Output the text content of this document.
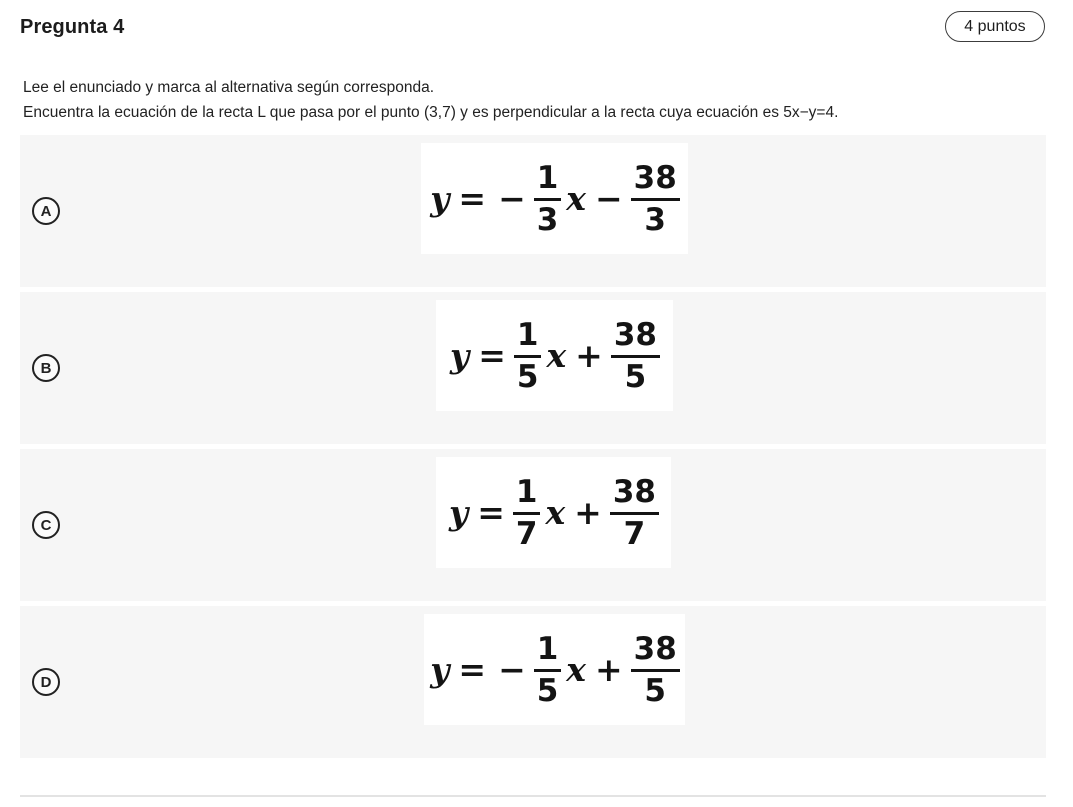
Pregunta 4	4 puntos

Lee el enunciado y marca al alternativa según corresponda.

Encuentra la ecuación de la recta L que pasa por el punto (3,7) y es perpendicular a la recta cuya ecuación es 5x−y=4.

A	y = − $\frac{1}{3}$ $x - \frac{38}{3}$
B	$y = \frac{1}{5}$ $x + \frac{38}{5}$
C	$y = \frac{1}{7}$ $x + \frac{38}{7}$
D	y = − $\frac{1}{5}$ $x + \frac{38}{5}$
